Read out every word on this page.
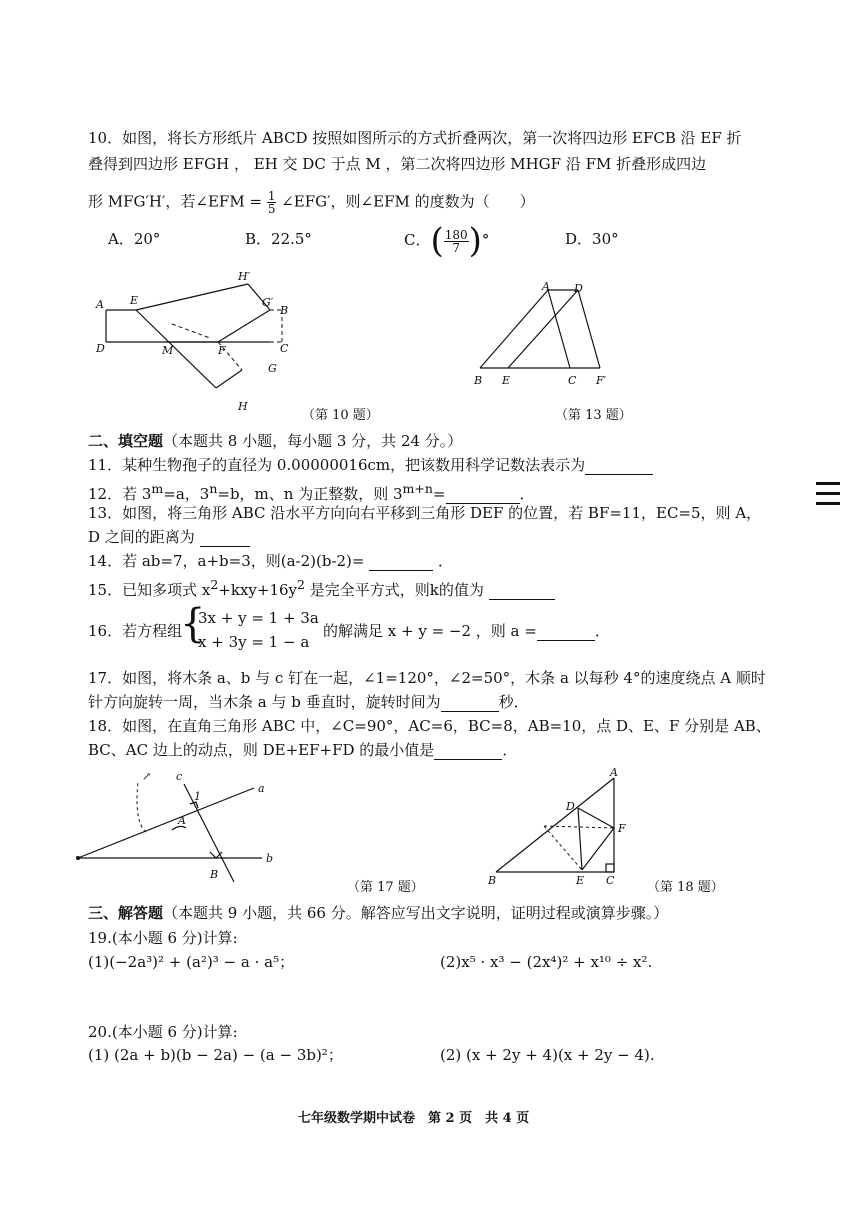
10．如图，将长方形纸片 ABCD 按照如图所示的方式折叠两次，第一次将四边形 EFCB 沿 EF 折
叠得到四边形 EFGH ， EH 交 DC 于点 M ，第二次将四边形 MHGF 沿 FM 折叠形成四边
形 MFG′H′，若∠EFM = $\frac{1}{5}$ ∠EFG′，则∠EFM 的度数为（　　）
A．20°	B．22.5°	C．( $\frac{180}{7}$ )°	D．30°
A E
H′
G′
B
D	M	F	C
G
H
（第 10 题）
A D
B E	C F′
（第 13 题）
二、填空题（本题共 8 小题，每小题 3 分，共 24 分。）
11．某种生物孢子的直径为 0.00000016cm，把该数用科学记数法表示为
12．若 $3^m=a$，$3^n=b$，m、n 为正整数，则 $3^{m+n}=$	．
13．如图，将三角形 ABC 沿水平方向向右平移到三角形 DEF 的位置，若 BF=11，EC=5，则 A，
D 之间的距离为
14．若 ab=7，a+b=3，则(a-2)(b-2)=	．
15．已知多项式 $x^2+kxy+16y^2$ 是完全平方式，则k的值为
16．若方程组
{
3x + y = 1 + 3a
x + 3y = 1 − a
的解满足 x + y = −2 ，则 a =	．
17．如图，将木条 a、b 与 c 钉在一起，∠1=120°，∠2=50°，木条 a 以每秒 4°的速度绕点 A 顺时
针方向旋转一周，当木条 a 与 b 垂直时，旋转时间为	秒．
18．如图，在直角三角形 ABC 中，∠C=90°，AC=6，BC=8，AB=10，点 D、E、F 分别是 AB、
BC、AC 边上的动点，则 DE+EF+FD 的最小值是	．
↗ c
a
b
1
A
B
（第 17 题）
A
D
F
B	E C	（第 18 题）
三、解答题（本题共 9 小题，共 66 分。解答应写出文字说明，证明过程或演算步骤。）
19.(本小题 6 分)计算:
(1)(−2a³)² + (a²)³ − a · a⁵；	(2)x⁵ · x³ − (2x⁴)² + x¹⁰ ÷ x².
20.(本小题 6 分)计算:
(1) (2a + b)(b − 2a) − (a − 3b)²；	(2) (x + 2y + 4)(x + 2y − 4).
七年级数学期中试卷　第 2 页　共 4 页
